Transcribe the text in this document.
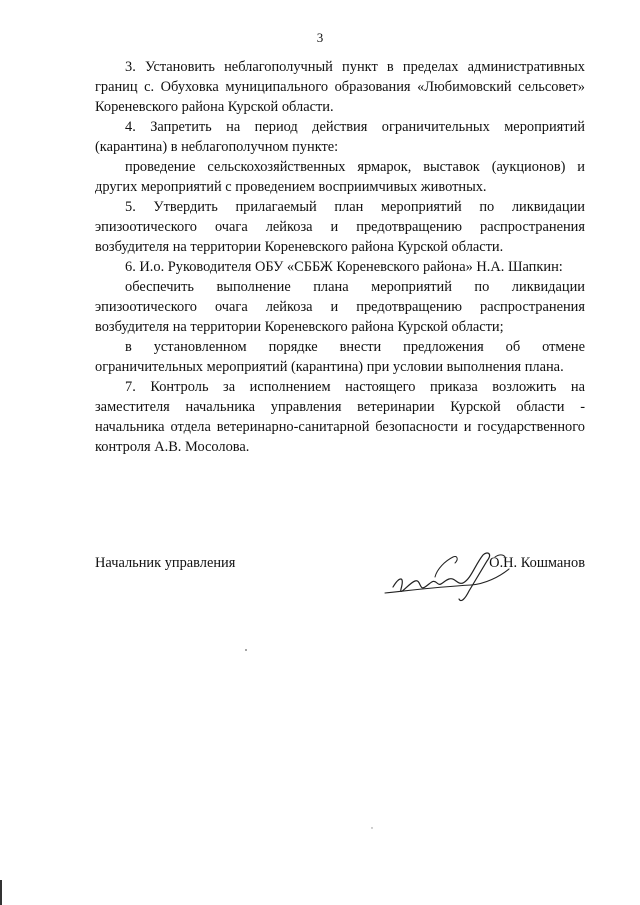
3

3. Установить неблагополучный пункт в пределах административных границ с. Обуховка муниципального образования «Любимовский сельсовет» Кореневского района Курской области.

4. Запретить на период действия ограничительных мероприятий (карантина) в неблагополучном пункте:

проведение сельскохозяйственных ярмарок, выставок (аукционов) и других мероприятий с проведением восприимчивых животных.

5. Утвердить прилагаемый план мероприятий по ликвидации эпизоотического очага лейкоза и предотвращению распространения возбудителя на территории Кореневского района Курской области.

6. И.о. Руководителя ОБУ «СББЖ Кореневского района» Н.А. Шапкин:

обеспечить выполнение плана мероприятий по ликвидации эпизоотического очага лейкоза и предотвращению распространения возбудителя на территории Кореневского района Курской области;

в установленном порядке внести предложения об отмене ограничительных мероприятий (карантина) при условии выполнения плана.

7. Контроль за исполнением настоящего приказа возложить на заместителя начальника управления ветеринарии Курской области - начальника отдела ветеринарно-санитарной безопасности и государственного контроля А.В. Мосолова.

Начальник управления	О.Н. Кошманов
